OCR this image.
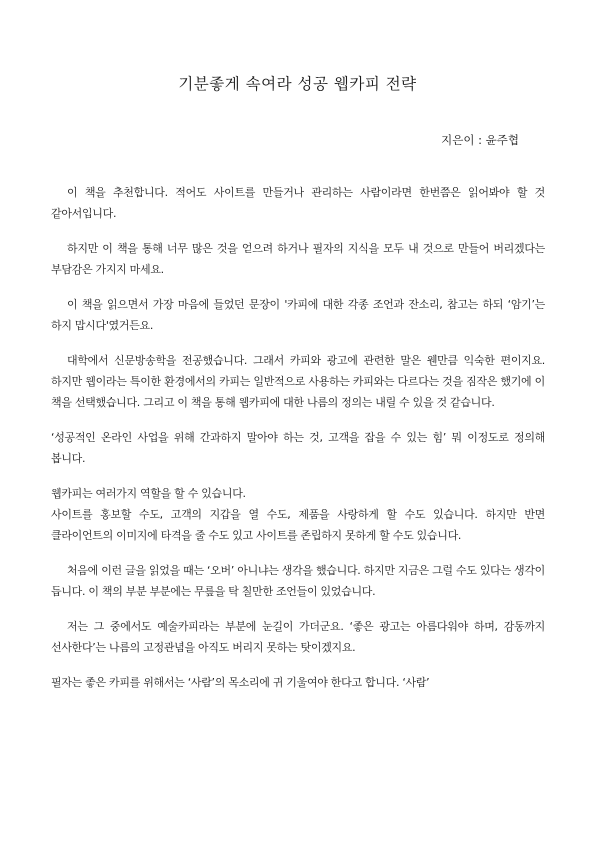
기분좋게 속여라 성공 웹카피 전략

지은이 : 윤주협

이 책을 추천합니다. 적어도 사이트를 만들거나 관리하는 사람이라면 한번쯤은 읽어봐야 할 것 같아서입니다.

하지만 이 책을 통해 너무 많은 것을 얻으려 하거나 필자의 지식을 모두 내 것으로 만들어 버리겠다는 부담감은 가지지 마세요.

이 책을 읽으면서 가장 마음에 들었던 문장이 '카피에 대한 각종 조언과 잔소리, 참고는 하되 ‘암기’는 하지 맙시다'였거든요.

대학에서 신문방송학을 전공했습니다. 그래서 카피와 광고에 관련한 말은 웬만큼 익숙한 편이지요. 하지만 웹이라는 특이한 환경에서의 카피는 일반적으로 사용하는 카피와는 다르다는 것을 짐작은 했기에 이 책을 선택했습니다. 그리고 이 책을 통해 웹카피에 대한 나름의 정의는 내릴 수 있을 것 같습니다.

‘성공적인 온라인 사업을 위해 간과하지 말아야 하는 것, 고객을 잡을 수 있는 힘’ 뭐 이정도로 정의해 봅니다.

웹카피는 여러가지 역할을 할 수 있습니다.

사이트를 홍보할 수도, 고객의 지갑을 열 수도, 제품을 사랑하게 할 수도 있습니다. 하지만 반면 클라이언트의 이미지에 타격을 줄 수도 있고 사이트를 존립하지 못하게 할 수도 있습니다.

처음에 이런 글을 읽었을 때는 ‘오버’ 아니냐는 생각을 했습니다. 하지만 지금은 그럴 수도 있다는 생각이 듭니다. 이 책의 부분 부분에는 무릎을 탁 칠만한 조언들이 있었습니다.

저는 그 중에서도 예술카피라는 부분에 눈길이 가더군요. ‘좋은 광고는 아름다워야 하며, 감동까지 선사한다’는 나름의 고정관념을 아직도 버리지 못하는 탓이겠지요.

필자는 좋은 카피를 위해서는 ‘사람’의 목소리에 귀 기울여야 한다고 합니다. ‘사람’
